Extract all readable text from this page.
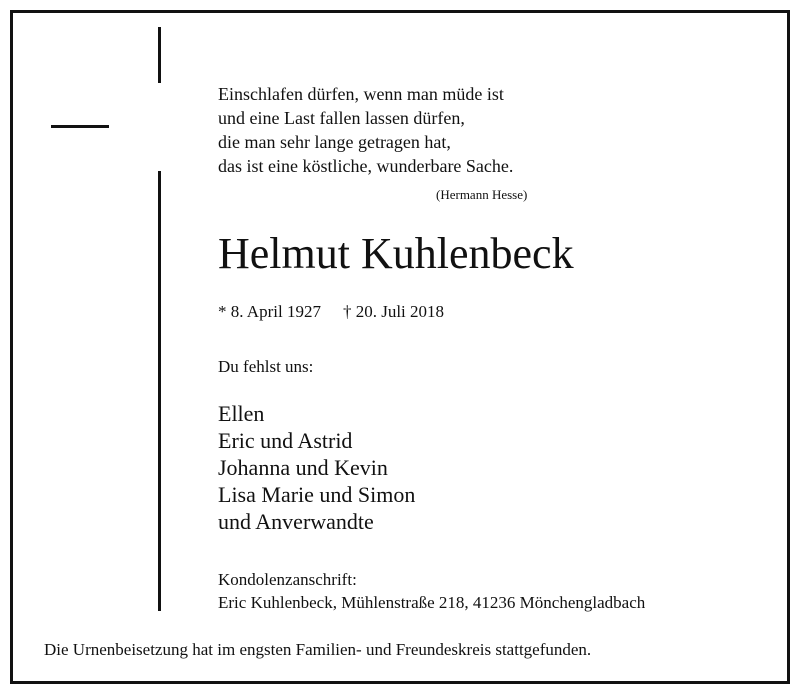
Einschlafen dürfen, wenn man müde ist
und eine Last fallen lassen dürfen,
die man sehr lange getragen hat,
das ist eine köstliche, wunderbare Sache.
(Hermann Hesse)
Helmut Kuhlenbeck
* 8. April 1927 † 20. Juli 2018
Du fehlst uns:
Ellen
Eric und Astrid
Johanna und Kevin
Lisa Marie und Simon
und Anverwandte
Kondolenzanschrift:
Eric Kuhlenbeck, Mühlenstraße 218, 41236 Mönchengladbach
Die Urnenbeisetzung hat im engsten Familien- und Freundeskreis stattgefunden.
